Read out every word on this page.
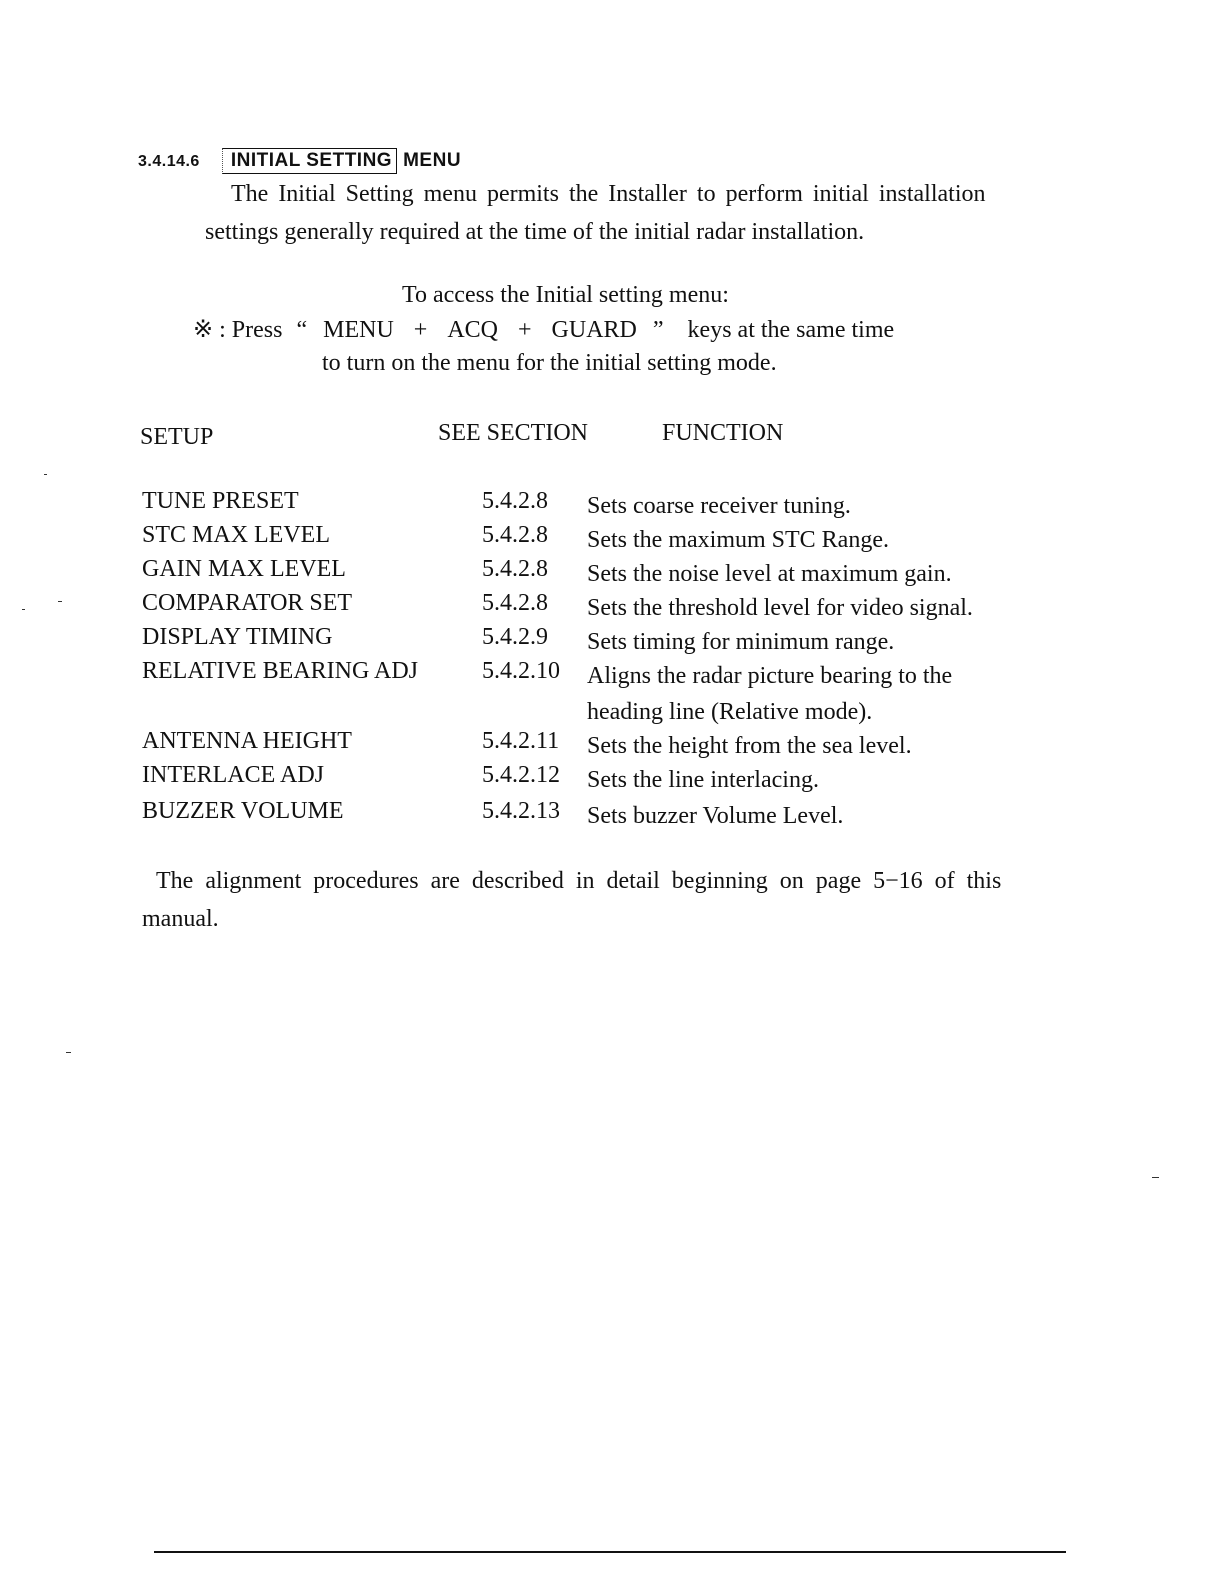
3.4.14.6 INITIAL SETTING MENU
The Initial Setting menu permits the Installer to perform initial installation
settings generally required at the time of the initial radar installation.
To access the Initial setting menu:
※ : Press “ MENU + ACQ + GUARD ” keys at the same time
to turn on the menu for the initial setting mode.
SETUP	SEE SECTION	FUNCTION
TUNE PRESET	5.4.2.8 Sets coarse receiver tuning.
STC MAX LEVEL	5.4.2.8 Sets the maximum STC Range.
GAIN MAX LEVEL	5.4.2.8 Sets the noise level at maximum gain.
COMPARATOR SET	5.4.2.8 Sets the threshold level for video signal.
DISPLAY TIMING	5.4.2.9 Sets timing for minimum range.
RELATIVE BEARING ADJ	5.4.2.10 Aligns the radar picture bearing to the
heading line (Relative mode).
ANTENNA HEIGHT	5.4.2.11 Sets the height from the sea level.
INTERLACE ADJ	5.4.2.12 Sets the line interlacing.
BUZZER VOLUME	5.4.2.13 Sets buzzer Volume Level.
The alignment procedures are described in detail beginning on page 5−16 of this
manual.
